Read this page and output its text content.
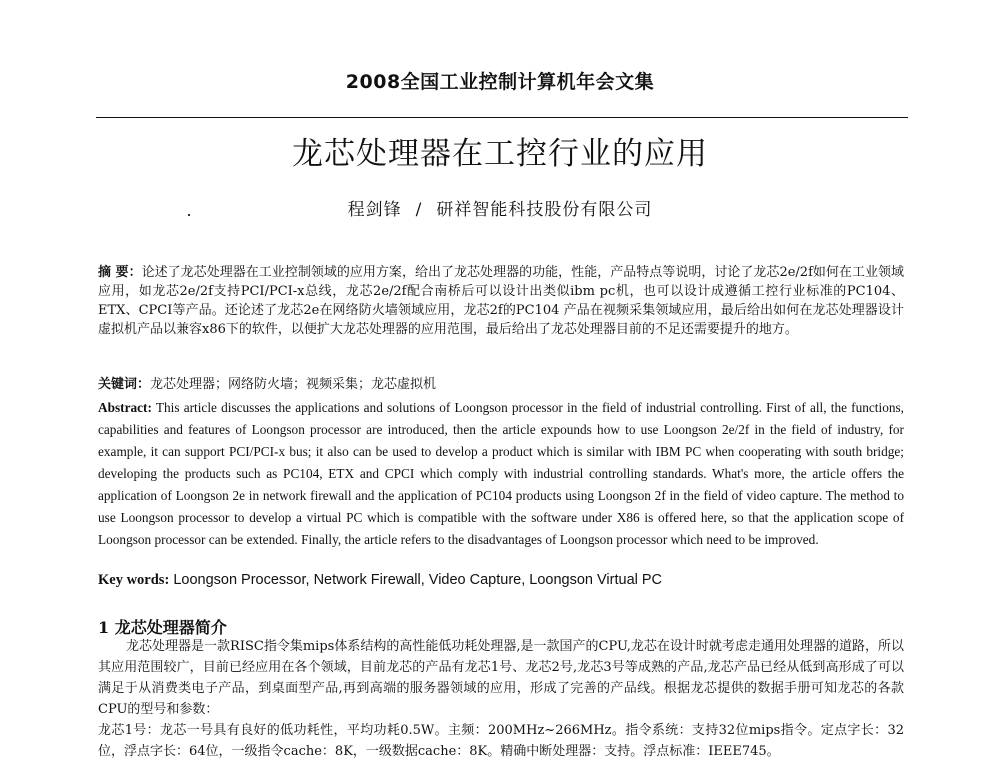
2008全国工业控制计算机年会文集
龙芯处理器在工控行业的应用
程剑锋 / 研祥智能科技股份有限公司
摘 要：论述了龙芯处理器在工业控制领域的应用方案，给出了龙芯处理器的功能，性能，产品特点等说明，讨论了龙芯2e/2f如何在工业领域应用，如龙芯2e/2f支持PCI/PCI-x总线，龙芯2e/2f配合南桥后可以设计出类似ibm pc机，也可以设计成遵循工控行业标准的PC104、ETX、CPCI等产品。还论述了龙芯2e在网络防火墙领域应用，龙芯2f的PC104 产品在视频采集领域应用，最后给出如何在龙芯处理器设计虚拟机产品以兼容x86下的软件，以便扩大龙芯处理器的应用范围，最后给出了龙芯处理器目前的不足还需要提升的地方。
关键词：龙芯处理器；网络防火墙；视频采集；龙芯虚拟机
Abstract: This article discusses the applications and solutions of Loongson processor in the field of industrial controlling. First of all, the functions, capabilities and features of Loongson processor are introduced, then the article expounds how to use Loongson 2e/2f in the field of industry, for example, it can support PCI/PCI-x bus; it also can be used to develop a product which is similar with IBM PC when cooperating with south bridge; developing the products such as PC104, ETX and CPCI which comply with industrial controlling standards. What's more, the article offers the application of Loongson 2e in network firewall and the application of PC104 products using Loongson 2f in the field of video capture. The method to use Loongson processor to develop a virtual PC which is compatible with the software under X86 is offered here, so that the application scope of Loongson processor can be extended. Finally, the article refers to the disadvantages of Loongson processor which need to be improved.
Key words: Loongson Processor, Network Firewall, Video Capture, Loongson Virtual PC
1 龙芯处理器简介
龙芯处理器是一款RISC指令集mips体系结构的高性能低功耗处理器,是一款国产的CPU,龙芯在设计时就考虑走通用处理器的道路，所以其应用范围较广，目前已经应用在各个领域，目前龙芯的产品有龙芯1号、龙芯2号,龙芯3号等成熟的产品,龙芯产品已经从低到高形成了可以满足于从消费类电子产品，到桌面型产品,再到高端的服务器领域的应用，形成了完善的产品线。根据龙芯提供的数据手册可知龙芯的各款CPU的型号和参数：
龙芯1号：龙芯一号具有良好的低功耗性，平均功耗0.5W。主频：200MHz~266MHz。指令系统：支持32位mips指令。定点字长：32位，浮点字长：64位，一级指令cache：8K，一级数据cache：8K。精确中断处理器：支持。浮点标准：IEEE745。
